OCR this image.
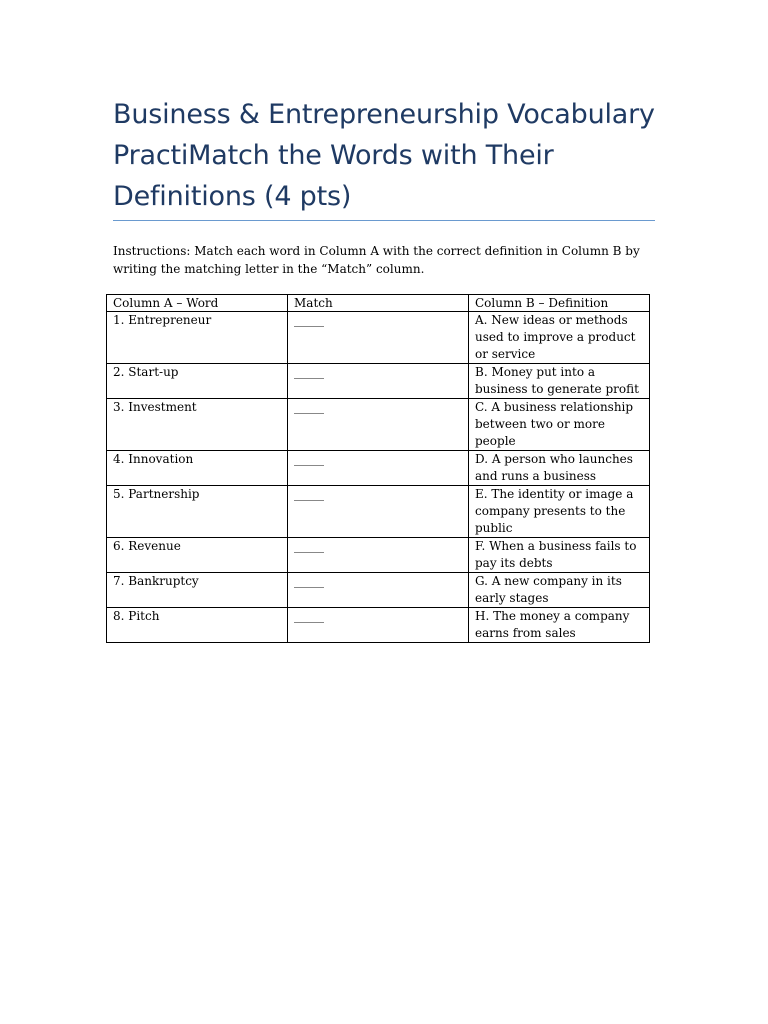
Business & Entrepreneurship Vocabulary PractiMatch the Words with Their Definitions (4 pts)

Instructions: Match each word in Column A with the correct definition in Column B by writing the matching letter in the “Match” column.

Column A – Word	Match	Column B – Definition
1. Entrepreneur	_____	A. New ideas or methods used to improve a product or service
2. Start-up	_____	B. Money put into a business to generate profit
3. Investment	_____	C. A business relationship between two or more people
4. Innovation	_____	D. A person who launches and runs a business
5. Partnership	_____	E. The identity or image a company presents to the public
6. Revenue	_____	F. When a business fails to pay its debts
7. Bankruptcy	_____	G. A new company in its early stages
8. Pitch	_____	H. The money a company earns from sales
